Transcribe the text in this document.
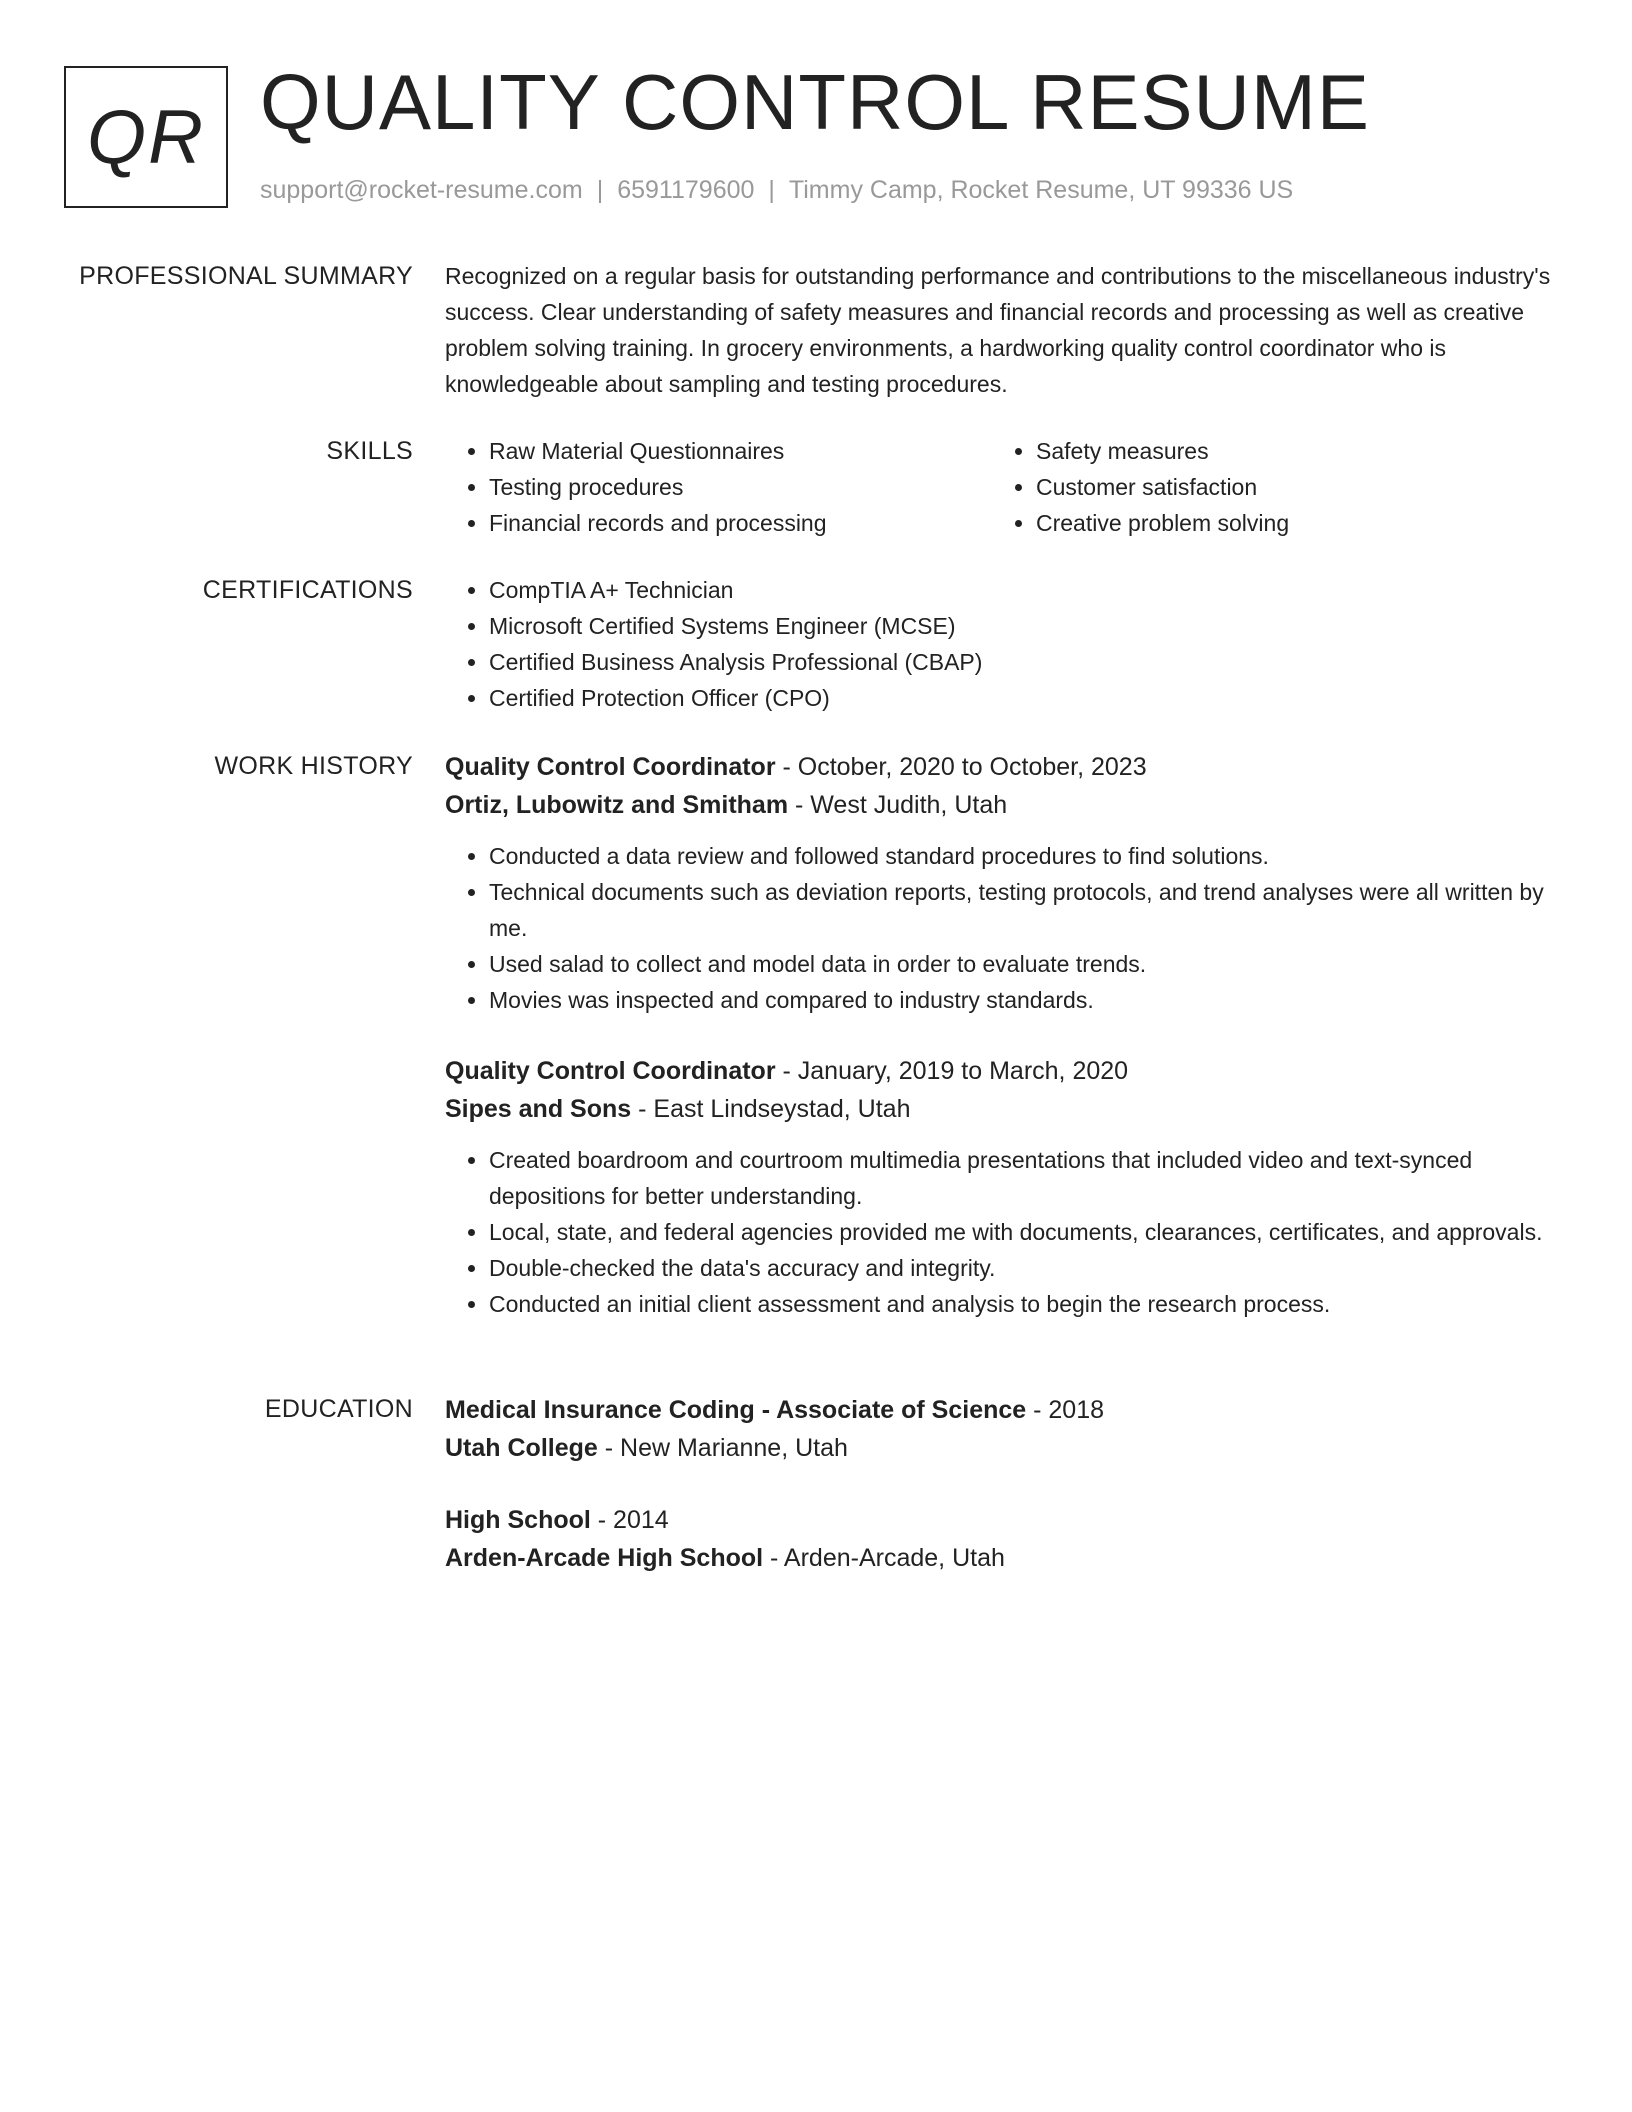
QR QUALITY CONTROL RESUME
support@rocket-resume.com | 6591179600 | Timmy Camp, Rocket Resume, UT 99336 US
PROFESSIONAL SUMMARY Recognized on a regular basis for outstanding performance and contributions to the miscellaneous industry's success. Clear understanding of safety measures and financial records and processing as well as creative problem solving training. In grocery environments, a hardworking quality control coordinator who is knowledgeable about sampling and testing procedures.

SKILLS	• Raw Material Questionnaires
• Testing procedures
• Financial records and processing
• Safety measures
• Customer satisfaction
• Creative problem solving
CERTIFICATIONS	• CompTIA A+ Technician
• Microsoft Certified Systems Engineer (MCSE)
• Certified Business Analysis Professional (CBAP)
• Certified Protection Officer (CPO)
WORK HISTORY Quality Control Coordinator - October, 2020 to October, 2023
Ortiz, Lubowitz and Smitham - West Judith, Utah
• Conducted a data review and followed standard procedures to find solutions.
• Technical documents such as deviation reports, testing protocols, and trend analyses were all written by me.
• Used salad to collect and model data in order to evaluate trends.
• Movies was inspected and compared to industry standards.
Quality Control Coordinator - January, 2019 to March, 2020
Sipes and Sons - East Lindseystad, Utah
• Created boardroom and courtroom multimedia presentations that included video and text-synced depositions for better understanding.
• Local, state, and federal agencies provided me with documents, clearances, certificates, and approvals.
• Double-checked the data's accuracy and integrity.
• Conducted an initial client assessment and analysis to begin the research process.
EDUCATION Medical Insurance Coding - Associate of Science - 2018
Utah College - New Marianne, Utah
High School - 2014
Arden-Arcade High School - Arden-Arcade, Utah
